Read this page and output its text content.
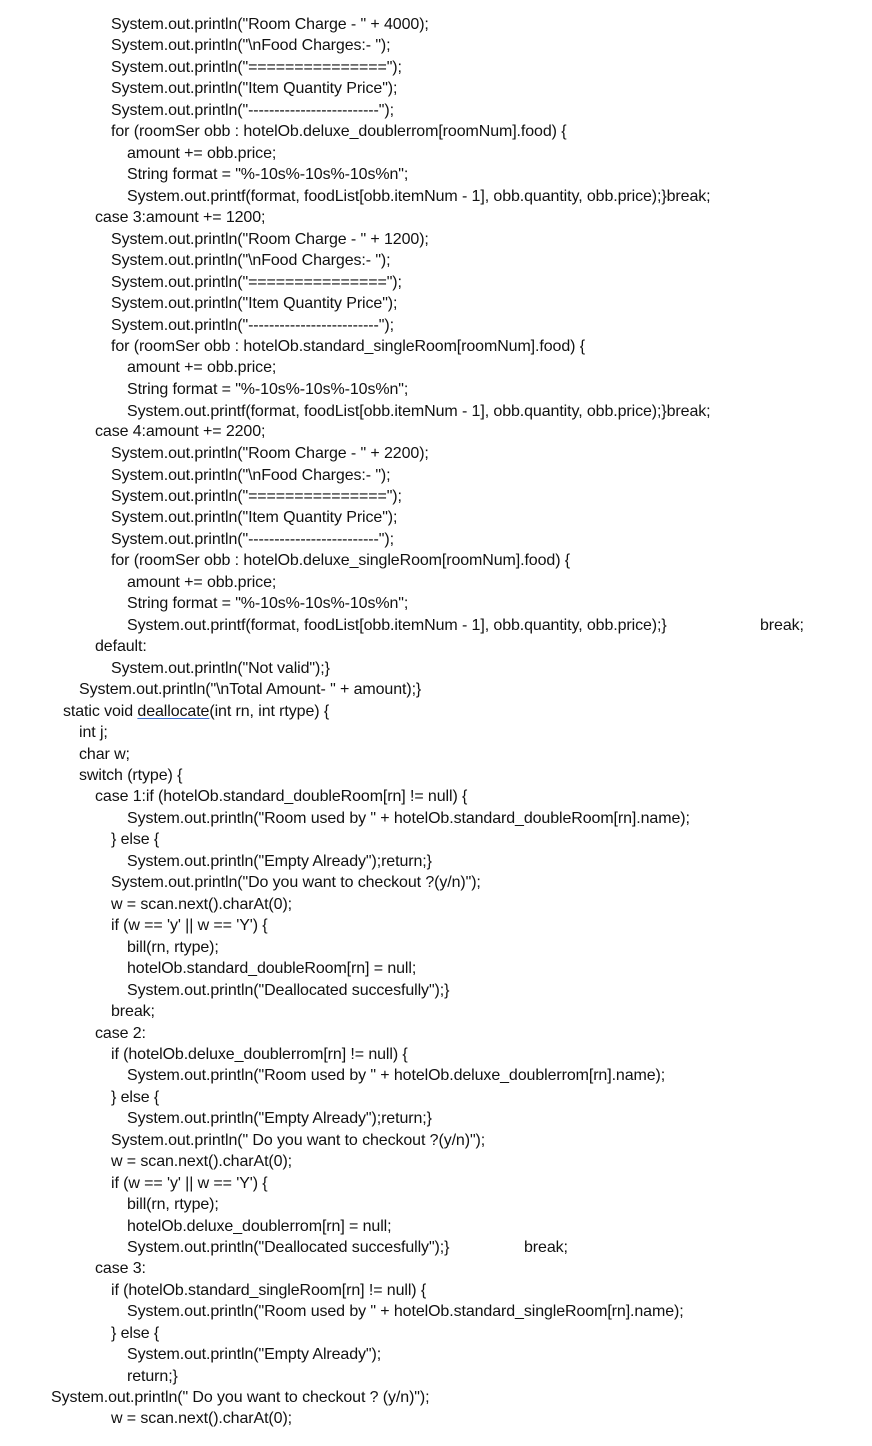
System.out.println("Room Charge - " + 4000);
System.out.println("\nFood Charges:- ");
System.out.println("===============");
System.out.println("Item Quantity Price");
System.out.println("-------------------------");
for (roomSer obb : hotelOb.deluxe_doublerrom[roomNum].food) {
amount += obb.price;
String format = "%-10s%-10s%-10s%n";
System.out.printf(format, foodList[obb.itemNum - 1], obb.quantity, obb.price);}break;
case 3:amount += 1200;
System.out.println("Room Charge - " + 1200);
System.out.println("\nFood Charges:- ");
System.out.println("===============");
System.out.println("Item Quantity Price");
System.out.println("-------------------------");
for (roomSer obb : hotelOb.standard_singleRoom[roomNum].food) {
amount += obb.price;
String format = "%-10s%-10s%-10s%n";
System.out.printf(format, foodList[obb.itemNum - 1], obb.quantity, obb.price);}break;
case 4:amount += 2200;
System.out.println("Room Charge - " + 2200);
System.out.println("\nFood Charges:- ");
System.out.println("===============");
System.out.println("Item Quantity Price");
System.out.println("-------------------------");
for (roomSer obb : hotelOb.deluxe_singleRoom[roomNum].food) {
amount += obb.price;
String format = "%-10s%-10s%-10s%n";
System.out.printf(format, foodList[obb.itemNum - 1], obb.quantity, obb.price);}	break;
default:
System.out.println("Not valid");}
System.out.println("\nTotal Amount- " + amount);}
static void deallocate(int rn, int rtype) {
int j;
char w;
switch (rtype) {
case 1:if (hotelOb.standard_doubleRoom[rn] != null) {
System.out.println("Room used by " + hotelOb.standard_doubleRoom[rn].name);
} else {
System.out.println("Empty Already");return;}
System.out.println("Do you want to checkout ?(y/n)");
w = scan.next().charAt(0);
if (w == 'y' || w == 'Y') {
bill(rn, rtype);
hotelOb.standard_doubleRoom[rn] = null;
System.out.println("Deallocated succesfully");}
break;
case 2:
if (hotelOb.deluxe_doublerrom[rn] != null) {
System.out.println("Room used by " + hotelOb.deluxe_doublerrom[rn].name);
} else {
System.out.println("Empty Already");return;}
System.out.println(" Do you want to checkout ?(y/n)");
w = scan.next().charAt(0);
if (w == 'y' || w == 'Y') {
bill(rn, rtype);
hotelOb.deluxe_doublerrom[rn] = null;
System.out.println("Deallocated succesfully");}	break;
case 3:
if (hotelOb.standard_singleRoom[rn] != null) {
System.out.println("Room used by " + hotelOb.standard_singleRoom[rn].name);
} else {
System.out.println("Empty Already");
return;}
System.out.println(" Do you want to checkout ? (y/n)");
w = scan.next().charAt(0);
